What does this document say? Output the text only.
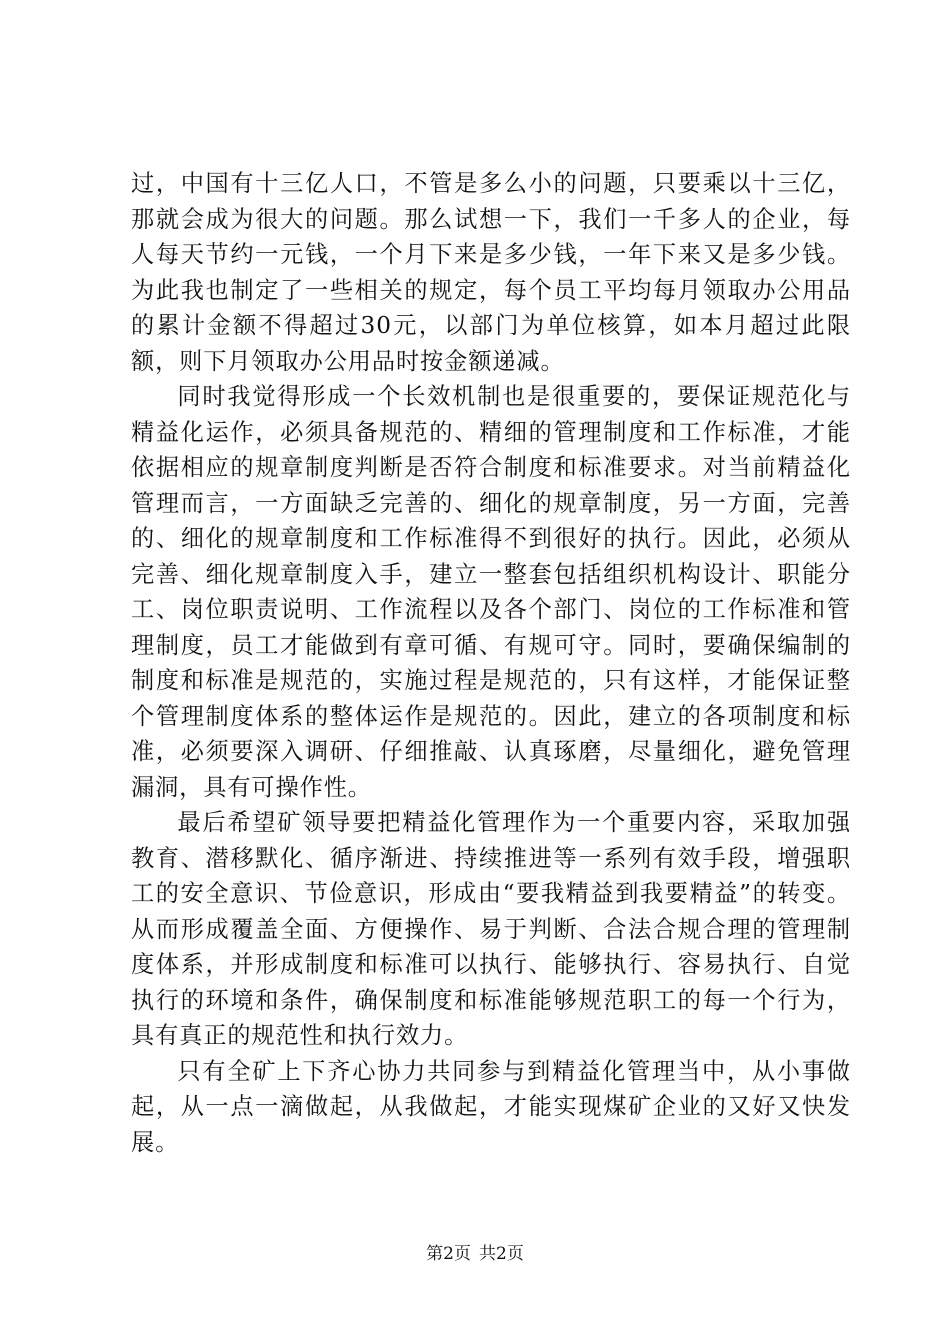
过，中国有十三亿人口，不管是多么小的问题，只要乘以十三亿，那就会成为很大的问题。那么试想一下，我们一千多人的企业，每人每天节约一元钱，一个月下来是多少钱，一年下来又是多少钱。为此我也制定了一些相关的规定，每个员工平均每月领取办公用品的累计金额不得超过30元，以部门为单位核算，如本月超过此限额，则下月领取办公用品时按金额递减。

同时我觉得形成一个长效机制也是很重要的，要保证规范化与精益化运作，必须具备规范的、精细的管理制度和工作标准，才能依据相应的规章制度判断是否符合制度和标准要求。对当前精益化管理而言，一方面缺乏完善的、细化的规章制度，另一方面，完善的、细化的规章制度和工作标准得不到很好的执行。因此，必须从完善、细化规章制度入手，建立一整套包括组织机构设计、职能分工、岗位职责说明、工作流程以及各个部门、岗位的工作标准和管理制度，员工才能做到有章可循、有规可守。同时，要确保编制的制度和标准是规范的，实施过程是规范的，只有这样，才能保证整个管理制度体系的整体运作是规范的。因此，建立的各项制度和标准，必须要深入调研、仔细推敲、认真琢磨，尽量细化，避免管理漏洞，具有可操作性。

最后希望矿领导要把精益化管理作为一个重要内容，采取加强教育、潜移默化、循序渐进、持续推进等一系列有效手段，增强职工的安全意识、节俭意识，形成由“要我精益到我要精益”的转变。从而形成覆盖全面、方便操作、易于判断、合法合规合理的管理制度体系，并形成制度和标准可以执行、能够执行、容易执行、自觉执行的环境和条件，确保制度和标准能够规范职工的每一个行为，具有真正的规范性和执行效力。

只有全矿上下齐心协力共同参与到精益化管理当中，从小事做起，从一点一滴做起，从我做起，才能实现煤矿企业的又好又快发展。

第2页 共2页
